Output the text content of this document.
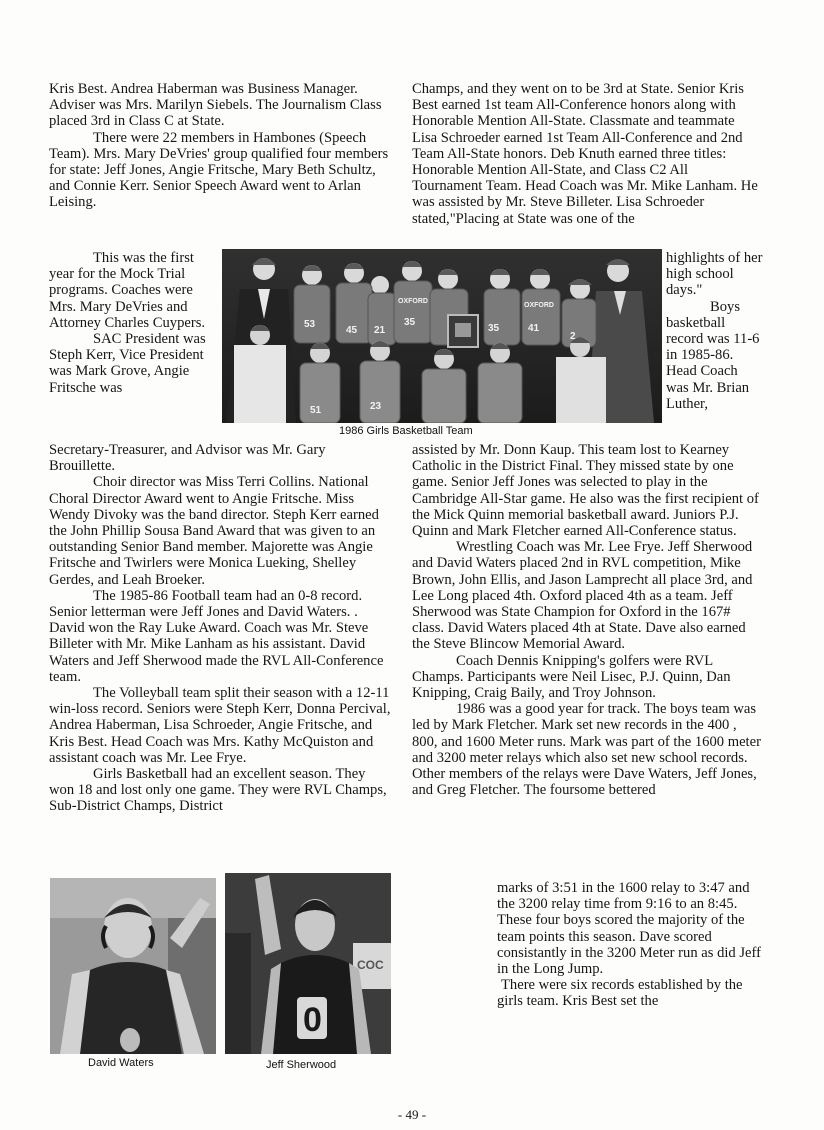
Kris Best. Andrea Haberman was Business Manager. Adviser was Mrs. Marilyn Siebels. The Journalism Class placed 3rd in Class C at State.

There were 22 members in Hambones (Speech Team). Mrs. Mary DeVries' group qualified four members for state: Jeff Jones, Angie Fritsche, Mary Beth Schultz, and Connie Kerr. Senior Speech Award went to Arlan Leising.

This was the first year for the Mock Trial programs. Coaches were Mrs. Mary DeVries and Attorney Charles Cuypers.

SAC President was Steph Kerr, Vice President was Mark Grove, Angie Fritsche was

Secretary-Treasurer, and Advisor was Mr. Gary Brouillette.

Choir director was Miss Terri Collins. National Choral Director Award went to Angie Fritsche. Miss Wendy Divoky was the band director. Steph Kerr earned the John Phillip Sousa Band Award that was given to an outstanding Senior Band member. Majorette was Angie Fritsche and Twirlers were Monica Lueking, Shelley Gerdes, and Leah Broeker.

The 1985-86 Football team had an 0-8 record. Senior letterman were Jeff Jones and David Waters. . David won the Ray Luke Award. Coach was Mr. Steve Billeter with Mr. Mike Lanham as his assistant. David Waters and Jeff Sherwood made the RVL All-Conference team.

The Volleyball team split their season with a 12-11 win-loss record. Seniors were Steph Kerr, Donna Percival, Andrea Haberman, Lisa Schroeder, Angie Fritsche, and Kris Best. Head Coach was Mrs. Kathy McQuiston and assistant coach was Mr. Lee Frye.

Girls Basketball had an excellent season. They won 18 and lost only one game. They were RVL Champs, Sub-District Champs, District

Champs, and they went on to be 3rd at State. Senior Kris Best earned 1st team All-Conference honors along with Honorable Mention All-State. Classmate and teammate Lisa Schroeder earned 1st Team All-Conference and 2nd Team All-State honors. Deb Knuth earned three titles: Honorable Mention All-State, and Class C2 All Tournament Team. Head Coach was Mr. Mike Lanham. He was assisted by Mr. Steve Billeter. Lisa Schroeder stated,"Placing at State was one of the

highlights of her high school days."

Boys basketball record was 11-6 in 1985-86. Head Coach was Mr. Brian Luther,

assisted by Mr. Donn Kaup. This team lost to Kearney Catholic in the District Final. They missed state by one game. Senior Jeff Jones was selected to play in the Cambridge All-Star game. He also was the first recipient of the Mick Quinn memorial basketball award. Juniors P.J. Quinn and Mark Fletcher earned All-Conference status.

Wrestling Coach was Mr. Lee Frye. Jeff Sherwood and David Waters placed 2nd in RVL competition, Mike Brown, John Ellis, and Jason Lamprecht all place 3rd, and Lee Long placed 4th. Oxford placed 4th as a team. Jeff Sherwood was State Champion for Oxford in the 167# class. David Waters placed 4th at State. Dave also earned the Steve Blincow Memorial Award.

Coach Dennis Knipping's golfers were RVL Champs. Participants were Neil Lisec, P.J. Quinn, Dan Knipping, Craig Baily, and Troy Johnson.

1986 was a good year for track. The boys team was led by Mark Fletcher. Mark set new records in the 400 , 800, and 1600 Meter runs. Mark was part of the 1600 meter and 3200 meter relays which also set new school records. Other members of the relays were Dave Waters, Jeff Jones, and Greg Fletcher. The foursome bettered

marks of 3:51 in the 1600 relay to 3:47 and the 3200 relay time from 9:16 to an 8:45. These four boys scored the majority of the team points this season. Dave scored consistantly in the 3200 Meter run as did Jeff in the Long Jump.

There were six records established by the girls team. Kris Best set the

53
45 21
35
35	41
2
51	23
OXFORD
OXFORD
1986 Girls Basketball Team
David Waters
COC
0
Jeff Sherwood
- 49 -
